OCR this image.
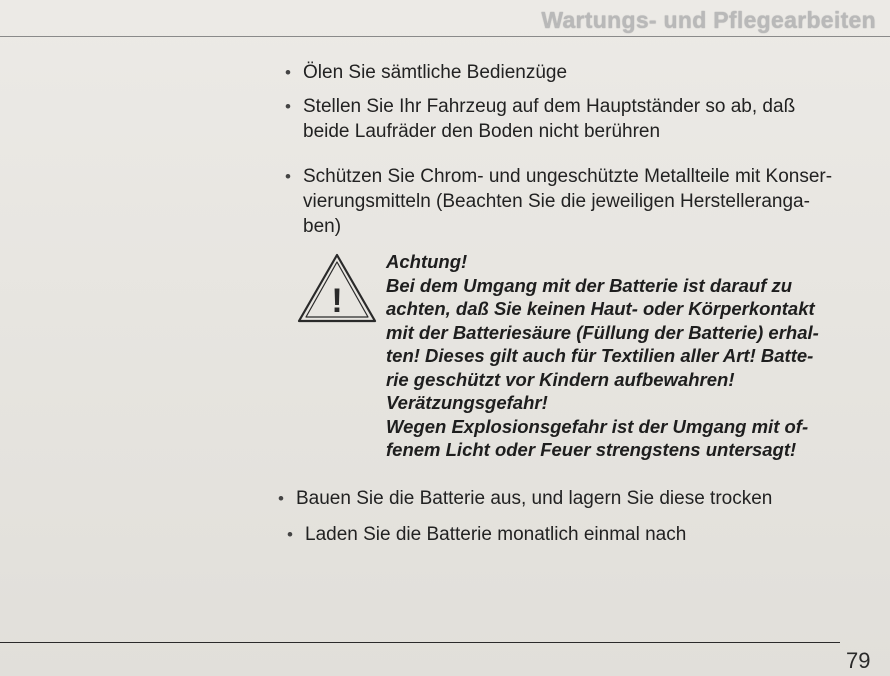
Wartungs- und Pflegearbeiten
• Ölen Sie sämtliche Bedienzüge
• Stellen Sie Ihr Fahrzeug auf dem Hauptständer so ab, daß
beide Laufräder den Boden nicht berühren
• Schützen Sie Chrom- und ungeschützte Metallteile mit Konser-
vierungsmitteln (Beachten Sie die jeweiligen Herstelleranga-
ben)
!
Achtung!
Bei dem Umgang mit der Batterie ist darauf zu
achten, daß Sie keinen Haut- oder Körperkontakt
mit der Batteriesäure (Füllung der Batterie) erhal-
ten! Dieses gilt auch für Textilien aller Art! Batte-
rie geschützt vor Kindern aufbewahren!
Verätzungsgefahr!
Wegen Explosionsgefahr ist der Umgang mit of-
fenem Licht oder Feuer strengstens untersagt!
• Bauen Sie die Batterie aus, und lagern Sie diese trocken
• Laden Sie die Batterie monatlich einmal nach
79
